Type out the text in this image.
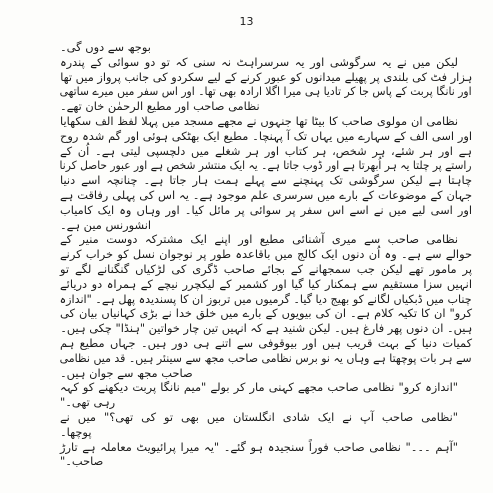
13
بوجھ سے دوں گی۔
لیکن میں نے یہ سرگوشی اور یہ سرسراہٹ نہ سنی کہ تو دو سوائی کے پندرہ
ہزار فٹ کی بلندی پر پھیلے میدانوں کو عبور کرنے کے لیے سکردو کی جانب پرواز میں تھا
اور نانگا پربت کے پاس جا کر تادیا ہی میرا اگلا ارادہ بھی تھا۔ اور اس سفر میں میرے ساتھی
نظامی صاحب اور مطیع الرحمٰن خان تھے۔
نظامی ان مولوی صاحب کا بیٹا تھا جنہوں نے مجھے مسجد میں پہلا لفظ الف سکھایا
اور اسی الف کے سہارے میں یہاں تک آ پہنچا۔ مطیع ایک بھٹکی ہوئی اور گم شدہ روح
ہے اور ہر شئے، ہر شخص، ہر کتاب اور ہر شغلے میں دلچسپی لیتی ہے۔ اُن کے
راستے پر چلتا یہ ہر اُبھرتا ہے اور ڈوب جاتا ہے۔ یہ ایک منتشر شخص ہے اور عبور حاصل کرنا
چاہتا ہے لیکن سرگوشی تک پہنچنے سے پہلے ہمت ہار جاتا ہے۔ چنانچہ اسے دنیا
جہان کے موضوعات کے بارے میں سرسری علم موجود ہے۔ یہ اس کی پہلی رفاقت ہے
اور اسی لیے میں نے اسے اس سفر پر سوائی پر مائل کیا۔ اور وہاں وہ ایک کامیاب
انشورنس مین ہے۔
نظامی صاحب سے میری آشنائی مطیع اور اپنے ایک مشترکہ دوست منیر کے
حوالے سے ہے۔ وہ اُن دنوں ایک کالج میں باقاعدہ طور پر نوجوان نسل کو خراب کرنے
پر مامور تھے لیکن جب سمجھانے کے بجائے صاحب ڈگری کی لڑکیاں گنگنانے لگے تو
انہیں سزا مستقیم سے ہمکنار کیا گیا اور کشمیر کے لیکچرر نیچے کے ہمراہ دو دریائے
چناب میں ڈبکیاں لگانے کو بھیج دیا گیا۔ گرمیوں میں تربوز ان کا پسندیدہ پھل ہے۔ "اندازہ
کرو" ان کا تکیہ کلام ہے۔ ان کی بیویوں کے بارے میں خلق خدا نے بڑی کہانیاں بیان کی
ہیں۔ ان دنوں پھر فارغ ہیں۔ لیکن شنید ہے کہ انہیں تین چار خواتین "ہنڈا" چکی ہیں۔
کمیات دنیا کے بہت قریب ہیں اور بیوقوفی سے اتنے ہی دور ہیں۔ جہاں مطیع ہم
سے ہر بات پوچھتا ہے وہاں یہ نو برس نظامی صاحب مجھ سے سینئر ہیں۔ قد میں نظامی
صاحب مجھ سے جوان ہیں۔
"اندازہ کرو" نظامی صاحب مجھے کہنی مار کر بولے "میم نانگا پربت دیکھنے کو کہہ
رہی تھی۔"
"نظامی صاحب آپ نے ایک شادی انگلستان میں بھی تو کی تھی؟" میں نے
پوچھا۔
"آہم ۔۔۔" نظامی صاحب فوراً سنجیدہ ہو گئے۔ "یہ میرا پرائیویٹ معاملہ ہے تارڑ
صاحب۔"
